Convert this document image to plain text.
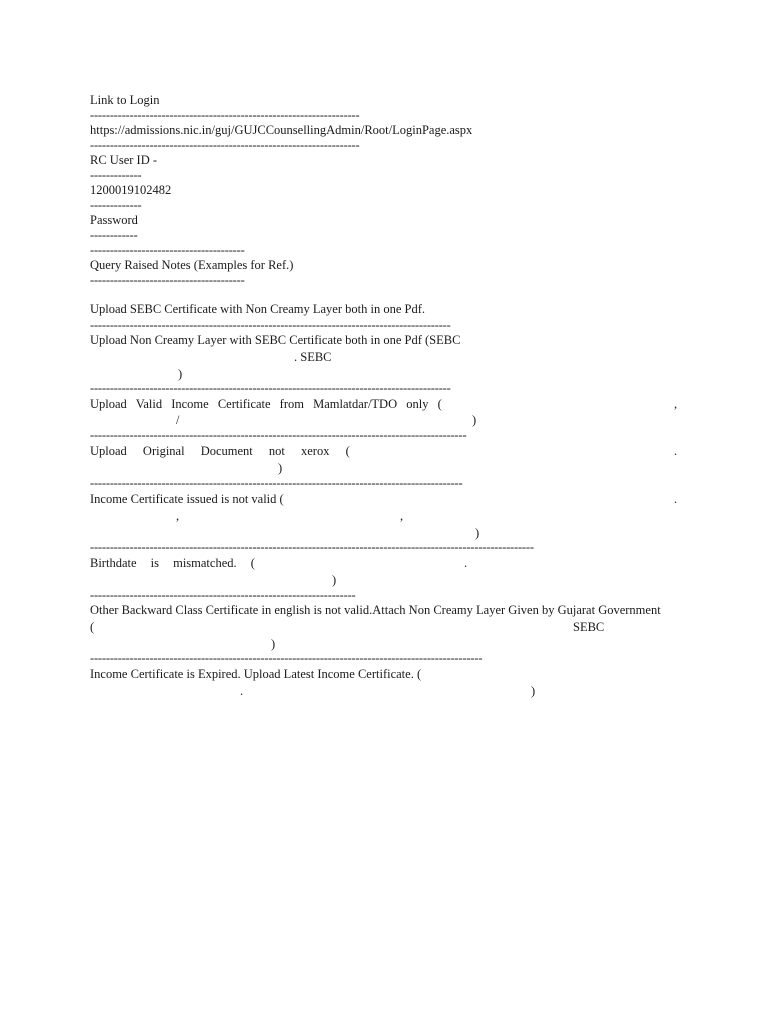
Link to Login
--------------------------------------------------------------------
https://admissions.nic.in/guj/GUJCCounsellingAdmin/Root/LoginPage.aspx
--------------------------------------------------------------------
RC User ID -
-------------
1200019102482
-------------
Password
------------
---------------------------------------
Query Raised Notes (Examples for Ref.)
---------------------------------------
Upload SEBC Certificate with Non Creamy Layer both in one Pdf.
-------------------------------------------------------------------------------------------
Upload Non Creamy Layer with SEBC Certificate both in one Pdf (SEBC
. SEBC
)
-------------------------------------------------------------------------------------------
Upload Valid Income Certificate from Mamlatdar/TDO only (	,
/	)
-----------------------------------------------------------------------------------------------
Upload Original Document not xerox (	.
)
----------------------------------------------------------------------------------------------
Income Certificate issued is not valid (	.
,	,
)
----------------------------------------------------------------------------------------------------------------
Birthdate is mismatched. (	.
)
-------------------------------------------------------------------
Other Backward Class Certificate in english is not valid.Attach Non Creamy Layer Given by Gujarat Government
(	SEBC
)
---------------------------------------------------------------------------------------------------
Income Certificate is Expired. Upload Latest Income Certificate. (
.	)
